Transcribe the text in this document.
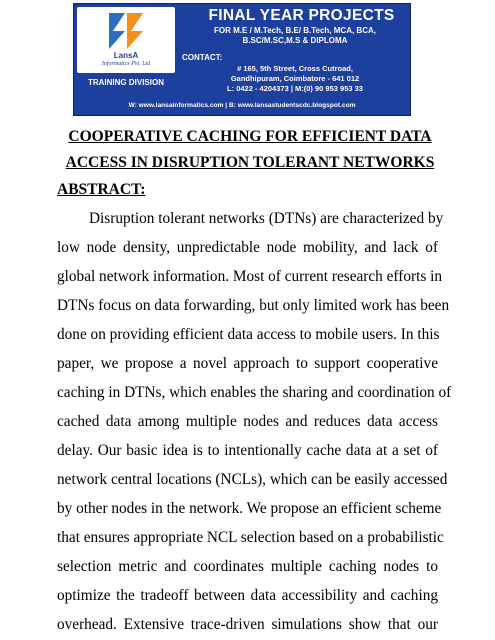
LansA
Informatics Pvt. Ltd
TRAINING DIVISION
FINAL YEAR PROJECTS
FOR M.E / M.Tech, B.E/ B.Tech, MCA, BCA,
B.SC/M.SC,M.S & DIPLOMA
CONTACT:
# 165, 5th Street, Cross Cutroad,
Gandhipuram, Coimbatore - 641 012
L: 0422 - 4204373 | M:(0) 90 953 953 33
W: www.lansainformatics.com | B: www.lansastudentscdc.blogspot.com
COOPERATIVE CACHING FOR EFFICIENT DATA
ACCESS IN DISRUPTION TOLERANT NETWORKS
ABSTRACT:
Disruption tolerant networks (DTNs) are characterized by
low node density, unpredictable node mobility, and lack of
global network information. Most of current research efforts in
DTNs focus on data forwarding, but only limited work has been
done on providing efficient data access to mobile users. In this
paper, we propose a novel approach to support cooperative
caching in DTNs, which enables the sharing and coordination of
cached data among multiple nodes and reduces data access
delay. Our basic idea is to intentionally cache data at a set of
network central locations (NCLs), which can be easily accessed
by other nodes in the network. We propose an efficient scheme
that ensures appropriate NCL selection based on a probabilistic
selection metric and coordinates multiple caching nodes to
optimize the tradeoff between data accessibility and caching
overhead. Extensive trace-driven simulations show that our
